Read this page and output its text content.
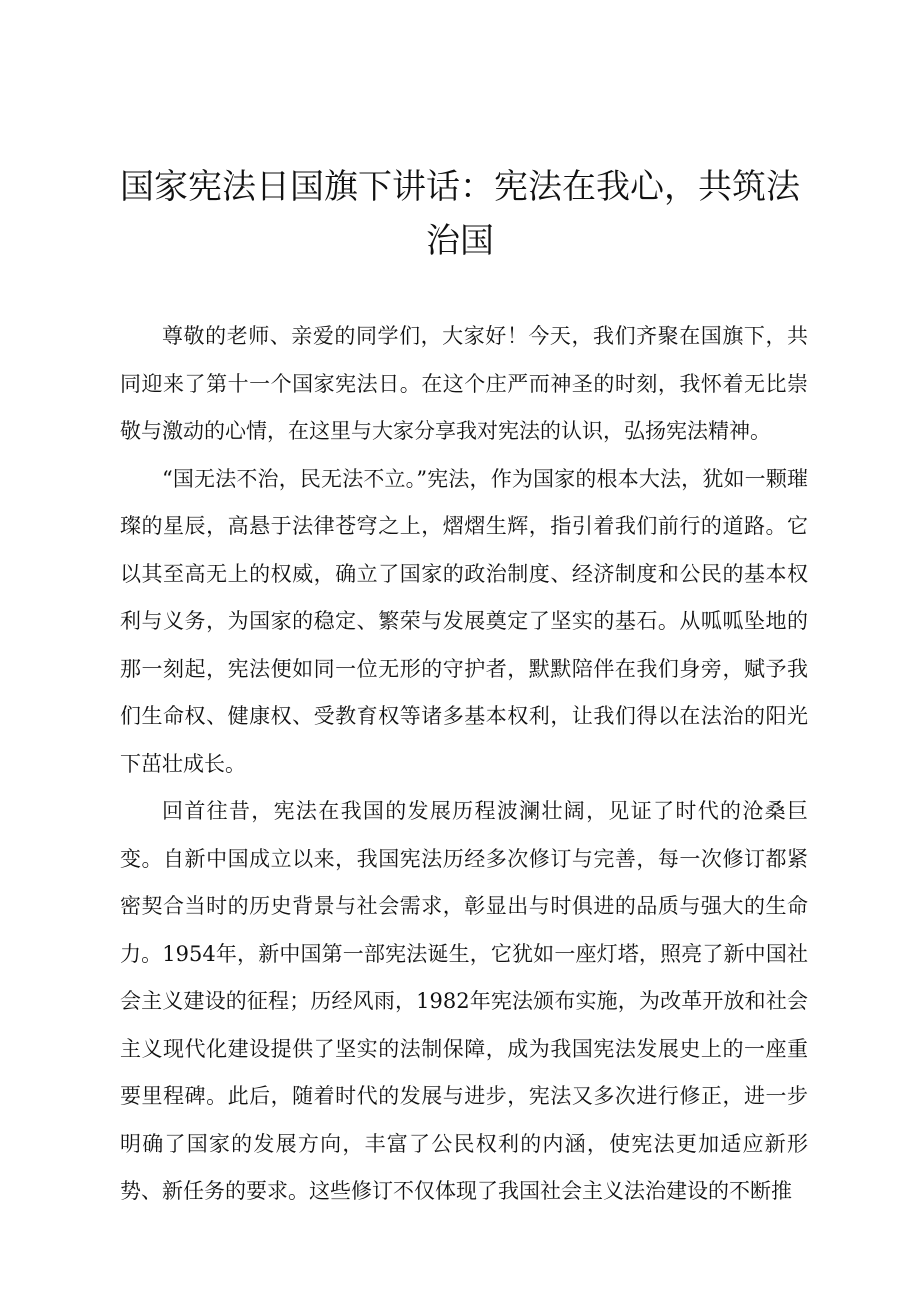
国家宪法日国旗下讲话：宪法在我心，共筑法治国

尊敬的老师、亲爱的同学们，大家好！今天，我们齐聚在国旗下，共同迎来了第十一个国家宪法日。在这个庄严而神圣的时刻，我怀着无比崇敬与激动的心情，在这里与大家分享我对宪法的认识，弘扬宪法精神。

“国无法不治，民无法不立。”宪法，作为国家的根本大法，犹如一颗璀璨的星辰，高悬于法律苍穹之上，熠熠生辉，指引着我们前行的道路。它以其至高无上的权威，确立了国家的政治制度、经济制度和公民的基本权利与义务，为国家的稳定、繁荣与发展奠定了坚实的基石。从呱呱坠地的那一刻起，宪法便如同一位无形的守护者，默默陪伴在我们身旁，赋予我们生命权、健康权、受教育权等诸多基本权利，让我们得以在法治的阳光下茁壮成长。

回首往昔，宪法在我国的发展历程波澜壮阔，见证了时代的沧桑巨变。自新中国成立以来，我国宪法历经多次修订与完善，每一次修订都紧密契合当时的历史背景与社会需求，彰显出与时俱进的品质与强大的生命力。1954年，新中国第一部宪法诞生，它犹如一座灯塔，照亮了新中国社会主义建设的征程；历经风雨，1982年宪法颁布实施，为改革开放和社会主义现代化建设提供了坚实的法制保障，成为我国宪法发展史上的一座重要里程碑。此后，随着时代的发展与进步，宪法又多次进行修正，进一步明确了国家的发展方向，丰富了公民权利的内涵，使宪法更加适应新形势、新任务的要求。这些修订不仅体现了我国社会主义法治建设的不断推
